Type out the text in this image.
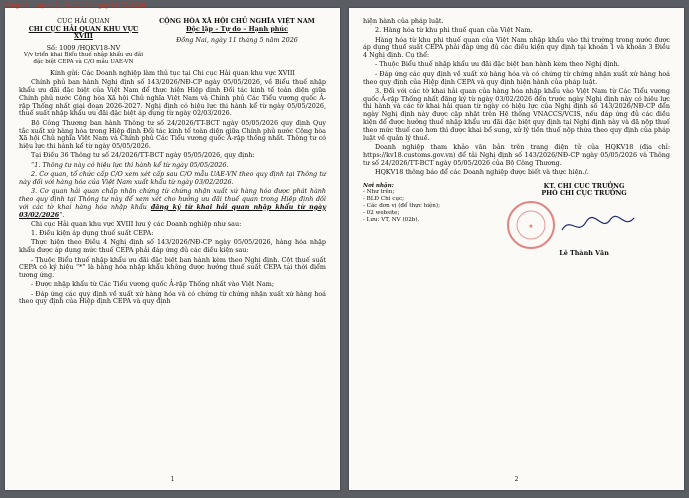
Công văn cập nhật lúc 17h00 ngày 11/05/2026
CỤC HẢI QUAN
CHI CỤC HẢI QUAN KHU VỰC XVIII
Số: 1009 /HQKV18-NV
V/v triển khai Biểu thuế nhập khẩu ưu đãi đặc biệt CEPA và C/O mẫu UAE-VN
CỘNG HÒA XÃ HỘI CHỦ NGHĨA VIỆT NAM
Độc lập – Tự do – Hạnh phúc
Đồng Nai, ngày 11 tháng 5 năm 2026

Kính gửi: Các Doanh nghiệp làm thủ tục tại Chi cục Hải quan khu vực XVIII

Chính phủ ban hành Nghị định số 143/2026/NĐ-CP ngày 05/05/2026, về Biểu thuế nhập khẩu ưu đãi đặc biệt của Việt Nam để thực hiện Hiệp định Đối tác kinh tế toàn diện giữa Chính phủ nước Cộng hòa Xã hội Chủ nghĩa Việt Nam và Chính phủ Các Tiểu vương quốc Ả-rập Thống nhất giai đoạn 2026-2027. Nghị định có hiệu lực thi hành kể từ ngày 05/05/2026, thuế suất nhập khẩu ưu đãi đặc biệt áp dụng từ ngày 02/03/2026.

Bộ Công Thương ban hành Thông tư số 24/2026/TT-BCT ngày 05/05/2026 quy định Quy tắc xuất xứ hàng hóa trong Hiệp định Đối tác kinh tế toàn diện giữa Chính phủ nước Cộng hòa Xã hội Chủ nghĩa Việt Nam và Chính phủ Các Tiểu vương quốc Ả-rập thống nhất. Thông tư có hiệu lực thi hành kể từ ngày 05/05/2026.

Tại Điều 36 Thông tư số 24/2026/TT-BCT ngày 05/05/2026, quy định:

“1. Thông tư này có hiệu lực thi hành kể từ ngày 05/05/2026.

2. Cơ quan, tổ chức cấp C/O xem xét cấp sau C/O mẫu UAE-VN theo quy định tại Thông tư này đối với hàng hóa của Việt Nam xuất khẩu từ ngày 03/02/2026.

3. Cơ quan hải quan chấp nhận chứng từ chứng nhận xuất xứ hàng hóa được phát hành theo quy định tại Thông tư này để xem xét cho hưởng ưu đãi thuế quan trong Hiệp định đối với các tờ khai hàng hóa nhập khẩu đăng ký từ khai hải quan nhập khẩu từ ngày 03/02/2026”.

Chi cục Hải quan khu vực XVIII lưu ý các Doanh nghiệp như sau:

1. Điều kiện áp dụng thuế suất CEPA:

Thực hiện theo Điều 4 Nghị định số 143/2026/NĐ-CP ngày 05/05/2026, hàng hóa nhập khẩu được áp dụng mức thuế CEPA phải đáp ứng đủ các điều kiện sau:

- Thuộc Biểu thuế nhập khẩu ưu đãi đặc biệt ban hành kèm theo Nghị định. Cột thuế suất CEPA có ký hiệu “*” là hàng hóa nhập khẩu không được hưởng thuế suất CEPA tại thời điểm tương ứng.

- Được nhập khẩu từ Các Tiểu vương quốc Ả-rập Thống nhất vào Việt Nam;

- Đáp ứng các quy định về xuất xứ hàng hóa và có chứng từ chứng nhận xuất xứ hàng hoá theo quy định của Hiệp định CEPA và quy định

1

hiện hành của pháp luật.

2. Hàng hóa từ khu phi thuế quan của Việt Nam.

Hàng hóa từ khu phi thuế quan của Việt Nam nhập khẩu vào thị trường trong nước được áp dụng thuế suất CEPA phải đáp ứng đủ các điều kiện quy định tại khoản 1 và khoản 3 Điều 4 Nghị định. Cụ thể:

- Thuộc Biểu thuế nhập khẩu ưu đãi đặc biệt ban hành kèm theo Nghị định.

- Đáp ứng các quy định về xuất xứ hàng hóa và có chứng từ chứng nhận xuất xứ hàng hoá theo quy định của Hiệp định CEPA và quy định hiện hành của pháp luật.

3. Đối với các tờ khai hải quan của hàng hóa nhập khẩu vào Việt Nam từ Các Tiểu vương quốc Ả-rập Thống nhất đăng ký từ ngày 03/02/2026 đến trước ngày Nghị định này có hiệu lực thi hành và các tờ khai hải quan từ ngày có hiệu lực của Nghị định số 143/2026/NĐ-CP đến ngày Nghị định này được cập nhật trên Hệ thống VNACCS/VCIS, nếu đáp ứng đủ các điều kiện để được hưởng thuế nhập khẩu ưu đãi đặc biệt quy định tại Nghị định này và đã nộp thuế theo mức thuế cao hơn thì được khai bổ sung, xử lý tiền thuế nộp thừa theo quy định của pháp luật về quản lý thuế.

Doanh nghiệp tham khảo văn bản trên trang điện tử của HQKV18 (địa chỉ: https://kv18.customs.gov.vn) để tải Nghị định số 143/2026/NĐ-CP ngày 05/05/2026 và Thông tư số 24/2026/TT-BCT ngày 05/05/2026 của Bộ Công Thương.

HQKV18 thông báo để các Doanh nghiệp được biết và thực hiện./.

Nơi nhận:
- Như trên;
- BLĐ Chi cục;
- Các đơn vị (để thực hiện);
- 02 website;
- Lưu: VT, NV (02b).
KT. CHI CỤC TRƯỞNG
PHÓ CHI CỤC TRƯỞNG
★
Lê Thành Văn
2
